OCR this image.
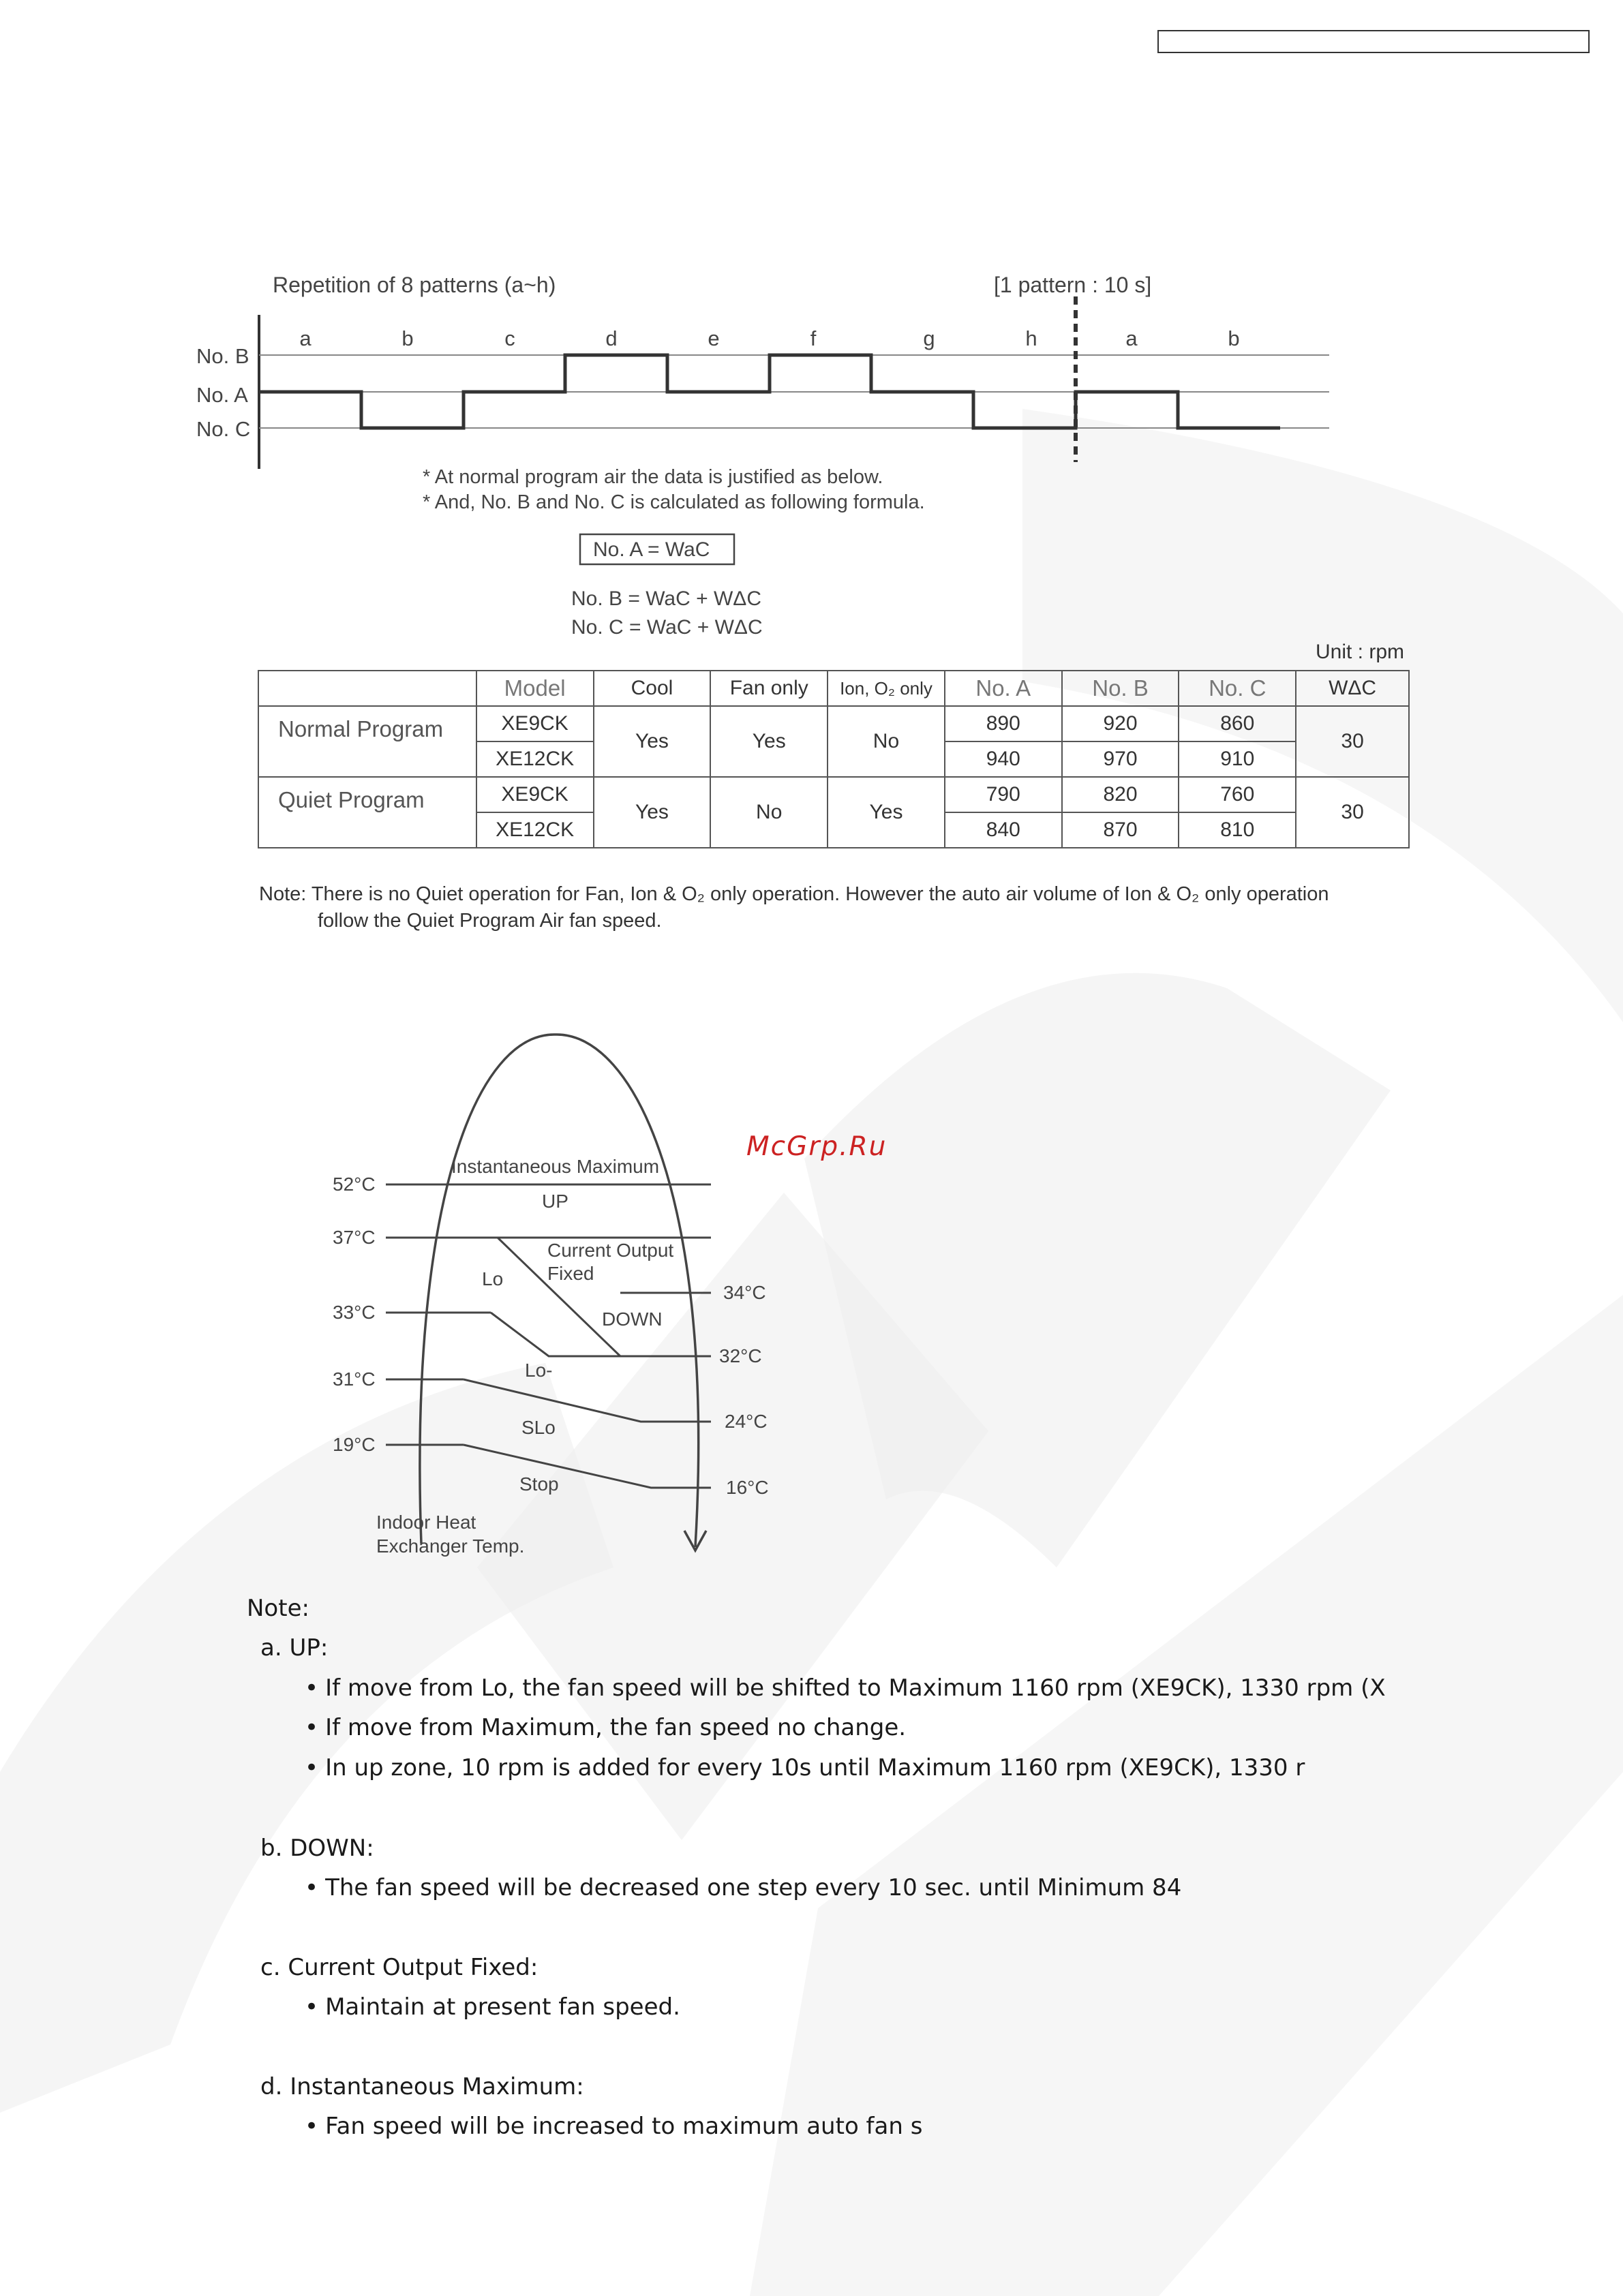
Repetition of 8 patterns (a~h)	[1 pattern : 10 s]
No. B
No. A
No. C
a	b	c	d	e	f	g	h	a	b
* At normal program air the data is justified as below.
* And, No. B and No. C is calculated as following formula.
No. A = WaC
No. B = WaC + WΔC
No. C = WaC + WΔC
Unit : rpm
	Model	Cool	Fan only	Ion, O₂ only	No. A	No. B	No. C	WΔC
Normal Program	XE9CK	Yes	Yes	No	890	920	860	30
	XE12CK				940	970	910	
Quiet Program	XE9CK	Yes	No	Yes	790	820	760	30
	XE12CK				840	870	810	
Note: There is no Quiet operation for Fan, Ion & O₂ only operation. However the auto air volume of Ion & O₂ only operation
follow the Quiet Program Air fan speed.
McGrp.Ru
52°C
37°C
33°C
31°C
19°C
34°C
32°C
24°C
16°C
Instantaneous Maximum
UP
Current Output
Fixed
Lo
DOWN
Lo-
SLo
Stop
Indoor Heat
Exchanger Temp.
Note:
a. UP:
• If move from Lo, the fan speed will be shifted to Maximum 1160 rpm (XE9CK), 1330 rpm (X
• If move from Maximum, the fan speed no change.
• In up zone, 10 rpm is added for every 10s until Maximum 1160 rpm (XE9CK), 1330 r
b. DOWN:
• The fan speed will be decreased one step every 10 sec. until Minimum 84
c. Current Output Fixed:
• Maintain at present fan speed.
d. Instantaneous Maximum:
• Fan speed will be increased to maximum auto fan s
